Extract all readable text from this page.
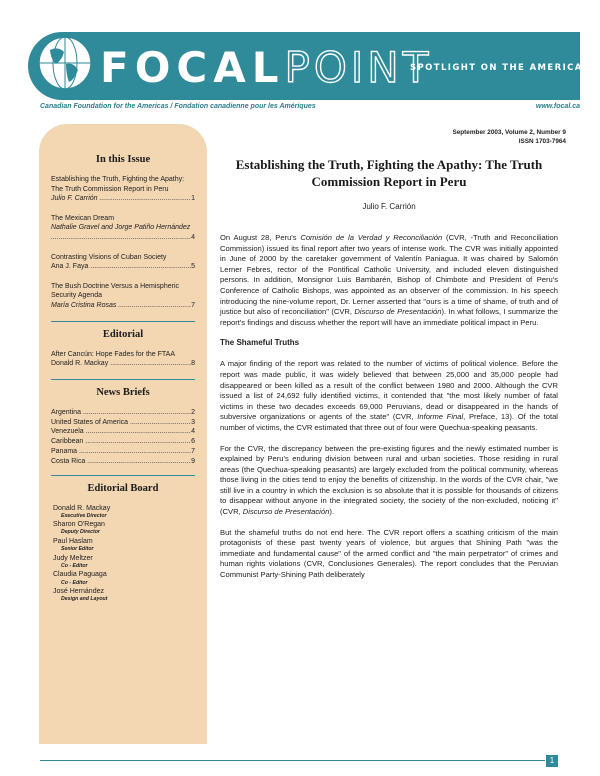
FOCAL POINT
SPOTLIGHT ON THE AMERICAS
Canadian Foundation for the Americas / Fondation canadienne pour les Amériques	www.focal.ca
September 2003, Volume 2, Number 9
ISSN 1703-7964
In this Issue
Establishing the Truth, Fighting the Apathy: The Truth Commission Report in Peru
Julio F. Carrión .....	1
The Mexican Dream
Nathalie Gravel and Jorge Patiño Hernández .....
4
Contrasting Visions of Cuban Society
Ana J. Faya .....	5
The Bush Doctrine Versus a Hemispheric Security Agenda
María Cristina Rosas .....	7
Editorial
After Cancún: Hope Fades for the FTAA
Donald R. Mackay .....	8
News Briefs
Argentina .....	2
United States of America .....	3
Venezuela .....	4
Caribbean .....	6
Panama .....	7
Costa Rica .....	9
Editorial Board
Donald R. Mackay
Executive Director
Sharon O'Regan
Deputy Director
Paul Haslam
Senior Editor
Judy Meltzer
Co - Editor
Claudia Paguaga
Co - Editor
José Hernández
Design and Layout
Establishing the Truth, Fighting the Apathy: The Truth Commission Report in Peru
Julio F. Carrión

On August 28, Peru's Comisión de la Verdad y Reconciliación (CVR, -Truth and Reconciliation Commission) issued its final report after two years of intense work. The CVR was initially appointed in June of 2000 by the caretaker government of Valentín Paniagua. It was chaired by Salomón Lerner Febres, rector of the Pontifical Catholic University, and included eleven distinguished persons. In addition, Monsignor Luis Bambarén, Bishop of Chimbote and President of Peru's Conference of Catholic Bishops, was appointed as an observer of the commission. In his speech introducing the nine-volume report, Dr. Lerner asserted that "ours is a time of shame, of truth and of justice but also of reconciliation" (CVR, Discurso de Presentación). In what follows, I summarize the report's findings and discuss whether the report will have an immediate political impact in Peru.

The Shameful Truths

A major finding of the report was related to the number of victims of political violence. Before the report was made public, it was widely believed that between 25,000 and 35,000 people had disappeared or been killed as a result of the conflict between 1980 and 2000. Although the CVR issued a list of 24,692 fully identified victims, it contended that "the most likely number of fatal victims in these two decades exceeds 69,000 Peruvians, dead or disappeared in the hands of subversive organizations or agents of the state" (CVR, Informe Final, Preface, 13). Of the total number of victims, the CVR estimated that three out of four were Quechua-speaking peasants.

For the CVR, the discrepancy between the pre-existing figures and the newly estimated number is explained by Peru's enduring division between rural and urban societies. Those residing in rural areas (the Quechua-speaking peasants) are largely excluded from the political community, whereas those living in the cities tend to enjoy the benefits of citizenship. In the words of the CVR chair, "we still live in a country in which the exclusion is so absolute that it is possible for thousands of citizens to disappear without anyone in the integrated society, the society of the non-excluded, noticing it" (CVR, Discurso de Presentación).

But the shameful truths do not end here. The CVR report offers a scathing criticism of the main protagonists of these past twenty years of violence, but argues that Shining Path "was the immediate and fundamental cause" of the armed conflict and "the main perpetrator" of crimes and human rights violations (CVR, Conclusiones Generales). The report concludes that the Peruvian Communist Party-Shining Path deliberately

1
